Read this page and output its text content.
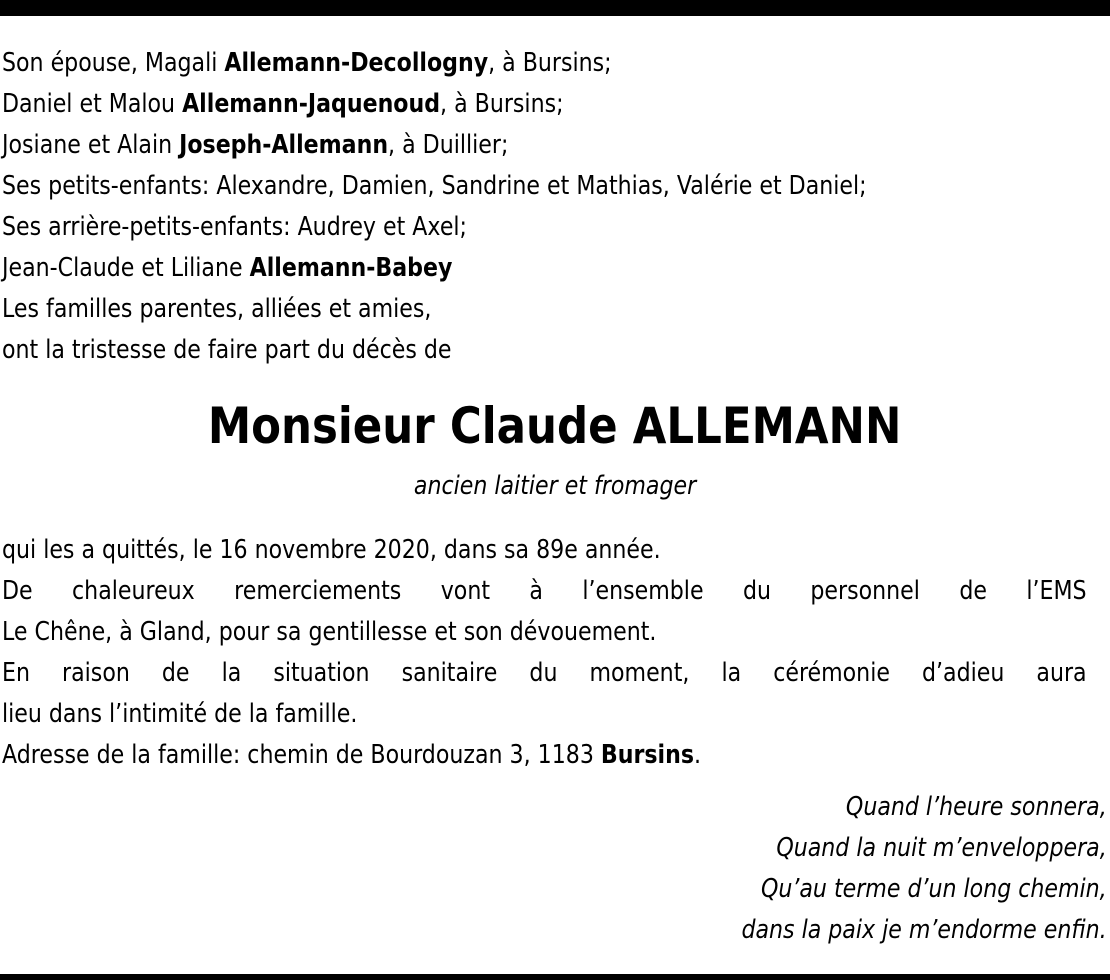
Son épouse, Magali Allemann-Decollogny, à Bursins;
Daniel et Malou Allemann-Jaquenoud, à Bursins;
Josiane et Alain Joseph-Allemann, à Duillier;
Ses petits-enfants: Alexandre, Damien, Sandrine et Mathias, Valérie et Daniel;
Ses arrière-petits-enfants: Audrey et Axel;
Jean-Claude et Liliane Allemann-Babey
Les familles parentes, alliées et amies,
ont la tristesse de faire part du décès de
Monsieur Claude ALLEMANN
ancien laitier et fromager
qui les a quittés, le 16 novembre 2020, dans sa 89e année.
De chaleureux remerciements vont à l’ensemble du personnel de l’EMS
Le Chêne, à Gland, pour sa gentillesse et son dévouement.
En raison de la situation sanitaire du moment, la cérémonie d’adieu aura
lieu dans l’intimité de la famille.
Adresse de la famille: chemin de Bourdouzan 3, 1183 Bursins.
Quand l’heure sonnera,
Quand la nuit m’enveloppera,
Qu’au terme d’un long chemin,
dans la paix je m’endorme enfin.
